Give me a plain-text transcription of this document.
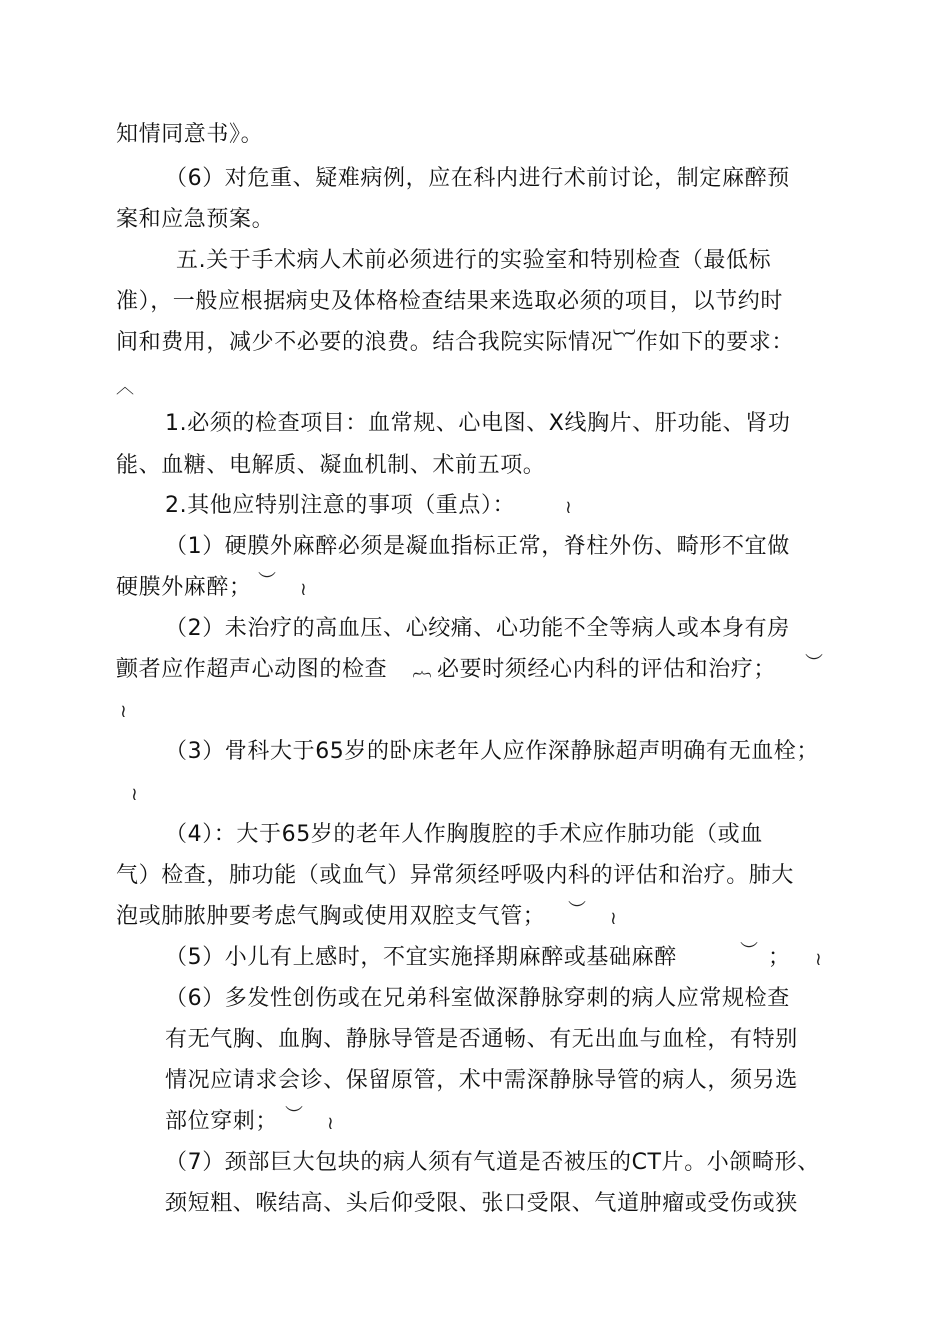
知情同意书》。
（6）对危重、疑难病例，应在科内进行术前讨论，制定麻醉预
案和应急预案。
五.关于手术病人术前必须进行的实验室和特别检查（最低标
准），一般应根据病史及体格检查结果来选取必须的项目，以节约时
间和费用，减少不必要的浪费。结合我院实际情况︸作如下的要求：
︿
1.必须的检查项目：血常规、心电图、X线胸片、肝功能、肾功
能、血糖、电解质、凝血机制、术前五项。
2.其他应特别注意的事项（重点）：	≀
（1）硬膜外麻醉必须是凝血指标正常，脊柱外伤、畸形不宜做
硬膜外麻醉； ︶ ≀
（2）未治疗的高血压、心绞痛、心功能不全等病人或本身有房
颤者应作超声心动图的检查 ︷ 必要时须经心内科的评估和治疗； ︶
≀
（3）骨科大于65岁的卧床老年人应作深静脉超声明确有无血栓；
≀
（4）：大于65岁的老年人作胸腹腔的手术应作肺功能（或血
气）检查，肺功能（或血气）异常须经呼吸内科的评估和治疗。肺大
泡或肺脓肿要考虑气胸或使用双腔支气管； ︶ ≀
（5）小儿有上感时，不宜实施择期麻醉或基础麻醉	︶ ； ≀
（6）多发性创伤或在兄弟科室做深静脉穿刺的病人应常规检查
有无气胸、血胸、静脉导管是否通畅、有无出血与血栓，有特别
情况应请求会诊、保留原管，术中需深静脉导管的病人，须另选
部位穿刺； ︶ ≀
（7）颈部巨大包块的病人须有气道是否被压的CT片。小颌畸形、
颈短粗、喉结高、头后仰受限、张口受限、气道肿瘤或受伤或狭
